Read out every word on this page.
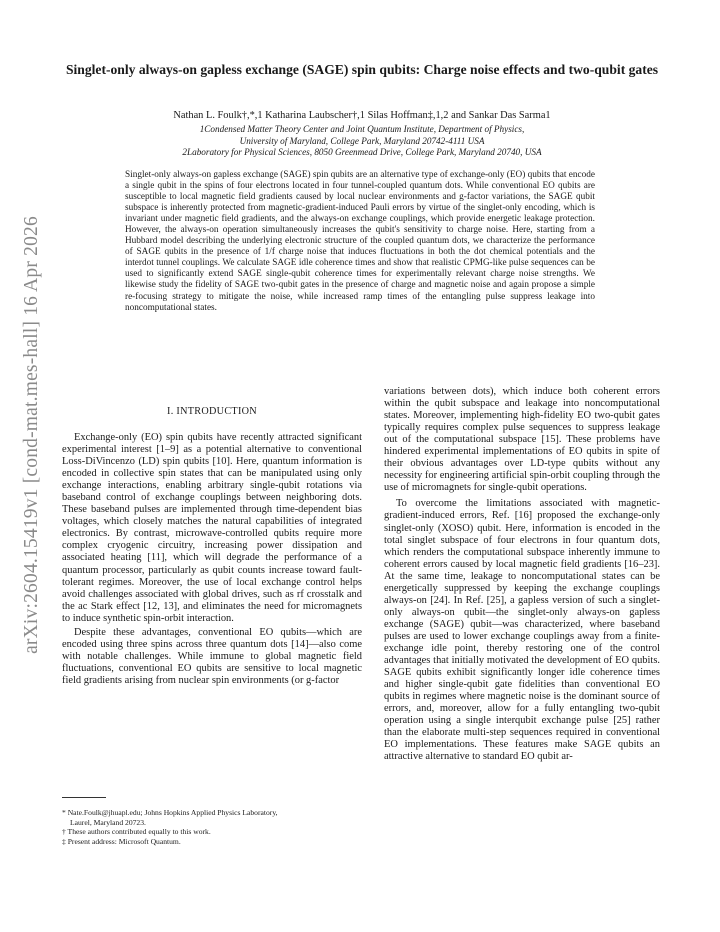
arXiv:2604.15419v1 [cond-mat.mes-hall] 16 Apr 2026
Singlet-only always-on gapless exchange (SAGE) spin qubits: Charge noise effects and two-qubit gates
Nathan L. Foulk†,*,1 Katharina Laubscher†,1 Silas Hoffman‡,1,2 and Sankar Das Sarma1
1Condensed Matter Theory Center and Joint Quantum Institute, Department of Physics,
University of Maryland, College Park, Maryland 20742-4111 USA
2Laboratory for Physical Sciences, 8050 Greenmead Drive, College Park, Maryland 20740, USA
Singlet-only always-on gapless exchange (SAGE) spin qubits are an alternative type of exchange-only (EO) qubits that encode a single qubit in the spins of four electrons located in four tunnel-coupled quantum dots. While conventional EO qubits are susceptible to local magnetic field gradients caused by local nuclear environments and g-factor variations, the SAGE qubit subspace is inherently protected from magnetic-gradient-induced Pauli errors by virtue of the singlet-only encoding, which is invariant under magnetic field gradients, and the always-on exchange couplings, which provide energetic leakage protection. However, the always-on operation simultaneously increases the qubit's sensitivity to charge noise. Here, starting from a Hubbard model describing the underlying electronic structure of the coupled quantum dots, we characterize the performance of SAGE qubits in the presence of 1/f charge noise that induces fluctuations in both the dot chemical potentials and the interdot tunnel couplings. We calculate SAGE idle coherence times and show that realistic CPMG-like pulse sequences can be used to significantly extend SAGE single-qubit coherence times for experimentally relevant charge noise strengths. We likewise study the fidelity of SAGE two-qubit gates in the presence of charge and magnetic noise and again propose a simple re-focusing strategy to mitigate the noise, while increased ramp times of the entangling pulse suppress leakage into noncomputational states.
I. INTRODUCTION

Exchange-only (EO) spin qubits have recently attracted significant experimental interest [1–9] as a potential alternative to conventional Loss-DiVincenzo (LD) spin qubits [10]. Here, quantum information is encoded in collective spin states that can be manipulated using only exchange interactions, enabling arbitrary single-qubit rotations via baseband control of exchange couplings between neighboring dots. These baseband pulses are implemented through time-dependent bias voltages, which closely matches the natural capabilities of integrated electronics. By contrast, microwave-controlled qubits require more complex cryogenic circuitry, increasing power dissipation and associated heating [11], which will degrade the performance of a quantum processor, particularly as qubit counts increase toward fault-tolerant regimes. Moreover, the use of local exchange control helps avoid challenges associated with global drives, such as rf crosstalk and the ac Stark effect [12, 13], and eliminates the need for micromagnets to induce synthetic spin-orbit interaction.

Despite these advantages, conventional EO qubits—which are encoded using three spins across three quantum dots [14]—also come with notable challenges. While immune to global magnetic field fluctuations, conventional EO qubits are sensitive to local magnetic field gradients arising from nuclear spin environments (or g-factor

variations between dots), which induce both coherent errors within the qubit subspace and leakage into noncomputational states. Moreover, implementing high-fidelity EO two-qubit gates typically requires complex pulse sequences to suppress leakage out of the computational subspace [15]. These problems have hindered experimental implementations of EO qubits in spite of their obvious advantages over LD-type qubits without any necessity for engineering artificial spin-orbit coupling through the use of micromagnets for single-qubit operations.

To overcome the limitations associated with magnetic-gradient-induced errors, Ref. [16] proposed the exchange-only singlet-only (XOSO) qubit. Here, information is encoded in the total singlet subspace of four electrons in four quantum dots, which renders the computational subspace inherently immune to coherent errors caused by local magnetic field gradients [16–23]. At the same time, leakage to noncomputational states can be energetically suppressed by keeping the exchange couplings always-on [24]. In Ref. [25], a gapless version of such a singlet-only always-on qubit—the singlet-only always-on gapless exchange (SAGE) qubit—was characterized, where baseband pulses are used to lower exchange couplings away from a finite-exchange idle point, thereby restoring one of the control advantages that initially motivated the development of EO qubits. SAGE qubits exhibit significantly longer idle coherence times and higher single-qubit gate fidelities than conventional EO qubits in regimes where magnetic noise is the dominant source of errors, and, moreover, allow for a fully entangling two-qubit operation using a single interqubit exchange pulse [25] rather than the elaborate multi-step sequences required in conventional EO implementations. These features make SAGE qubits an attractive alternative to standard EO qubit ar-

* Nate.Foulk@jhuapl.edu; Johns Hopkins Applied Physics Laboratory, Laurel, Maryland 20723.
† These authors contributed equally to this work.
‡ Present address: Microsoft Quantum.
